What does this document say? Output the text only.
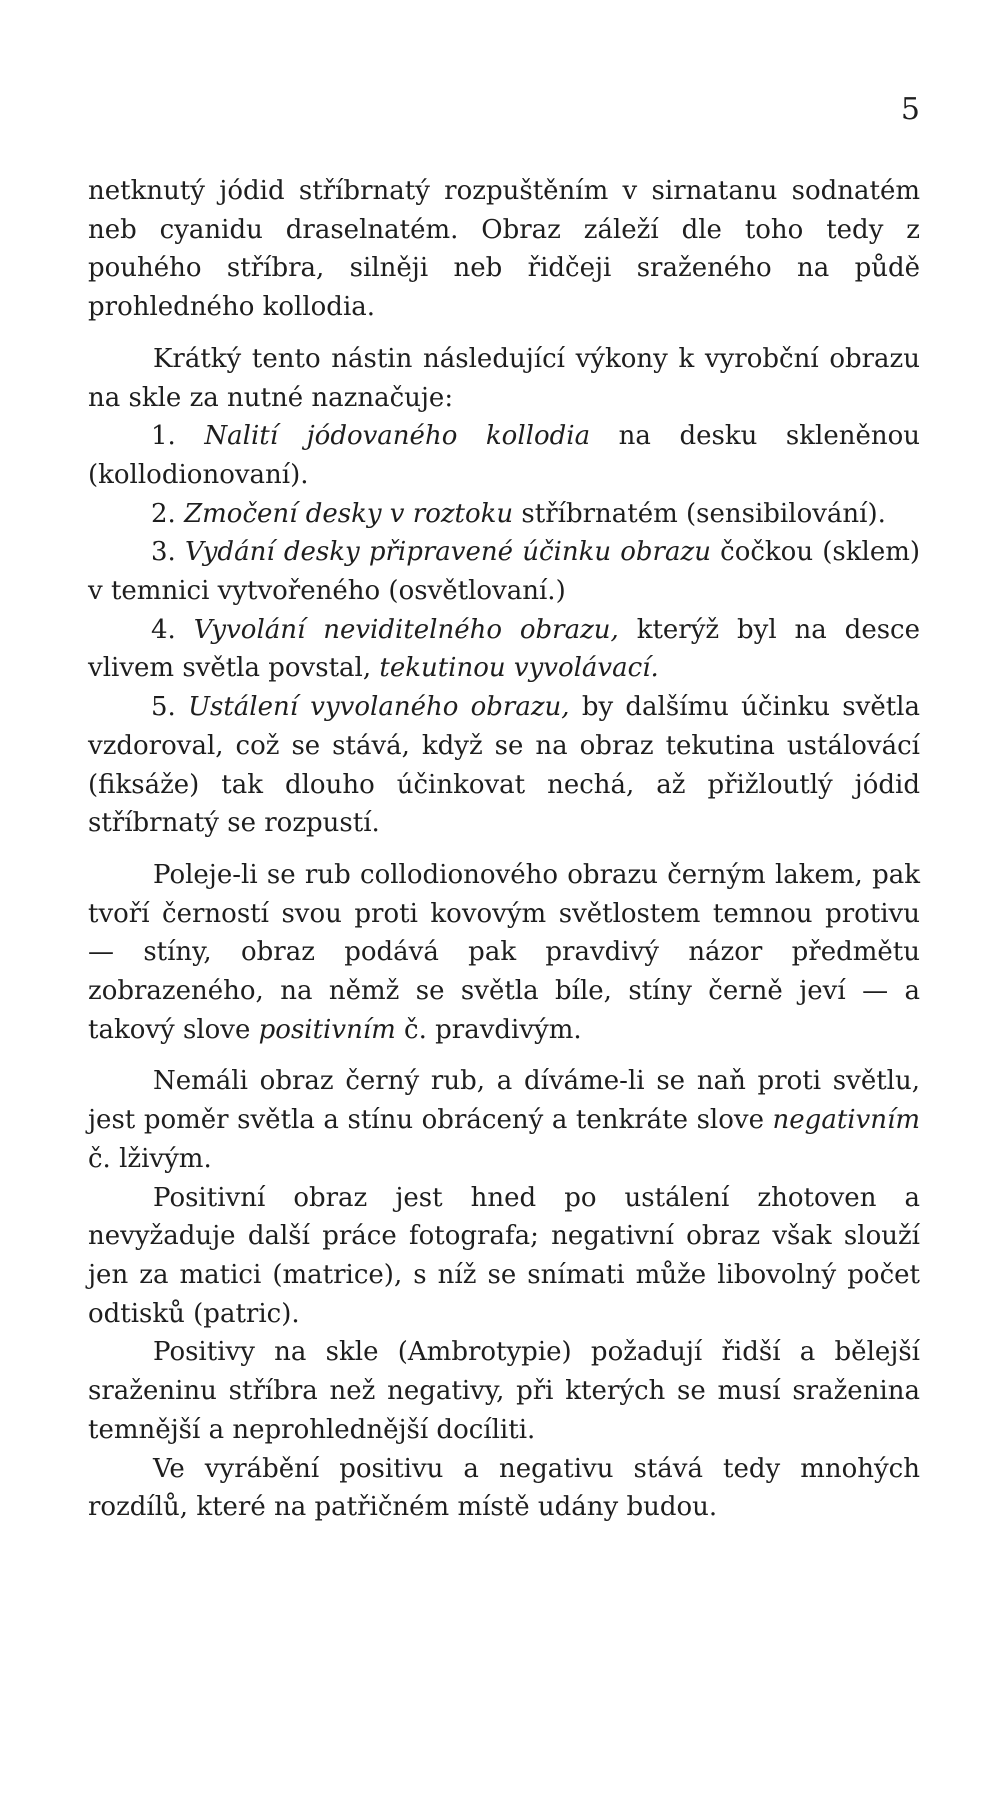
5

netknutý jódid stříbrnatý rozpuštěním v sirnatanu sodnatém neb cyanidu draselnatém. Obraz záleží dle toho tedy z pouhého stříbra, silněji neb řidčeji sraženého na půdě prohledného kollodia.

Krátký tento nástin následující výkony k vyrobční obrazu na skle za nutné naznačuje:

1. Nalití jódovaného kollodia na desku skleněnou (kollodionovaní).

2. Zmočení desky v roztoku stříbrnatém (sensibilování).

3. Vydání desky připravené účinku obrazu čočkou (sklem) v temnici vytvořeného (osvětlovaní.)

4. Vyvolání neviditelného obrazu, kterýž byl na desce vlivem světla povstal, tekutinou vyvolávací.

5. Ustálení vyvolaného obrazu, by dalšímu účinku světla vzdoroval, což se stává, když se na obraz tekutina ustálovácí (fiksáže) tak dlouho účinkovat nechá, až přižloutlý jódid stříbrnatý se rozpustí.

Poleje-li se rub collodionového obrazu černým lakem, pak tvoří čerností svou proti kovovým světlostem temnou protivu — stíny, obraz podává pak pravdivý názor předmětu zobrazeného, na němž se světla bíle, stíny černě jeví — a takový slove positivním č. pravdivým.

Nemáli obraz černý rub, a díváme-li se naň proti světlu, jest poměr světla a stínu obrácený a tenkráte slove negativním č. lživým.

Positivní obraz jest hned po ustálení zhotoven a nevyžaduje další práce fotografa; negativní obraz však slouží jen za matici (matrice), s níž se snímati může libovolný počet odtisků (patric).

Positivy na skle (Ambrotypie) požadují řidší a bělejší sraženinu stříbra než negativy, při kterých se musí sraženina temnější a neprohlednější docíliti.

Ve vyrábění positivu a negativu stává tedy mnohých rozdílů, které na patřičném místě udány budou.
